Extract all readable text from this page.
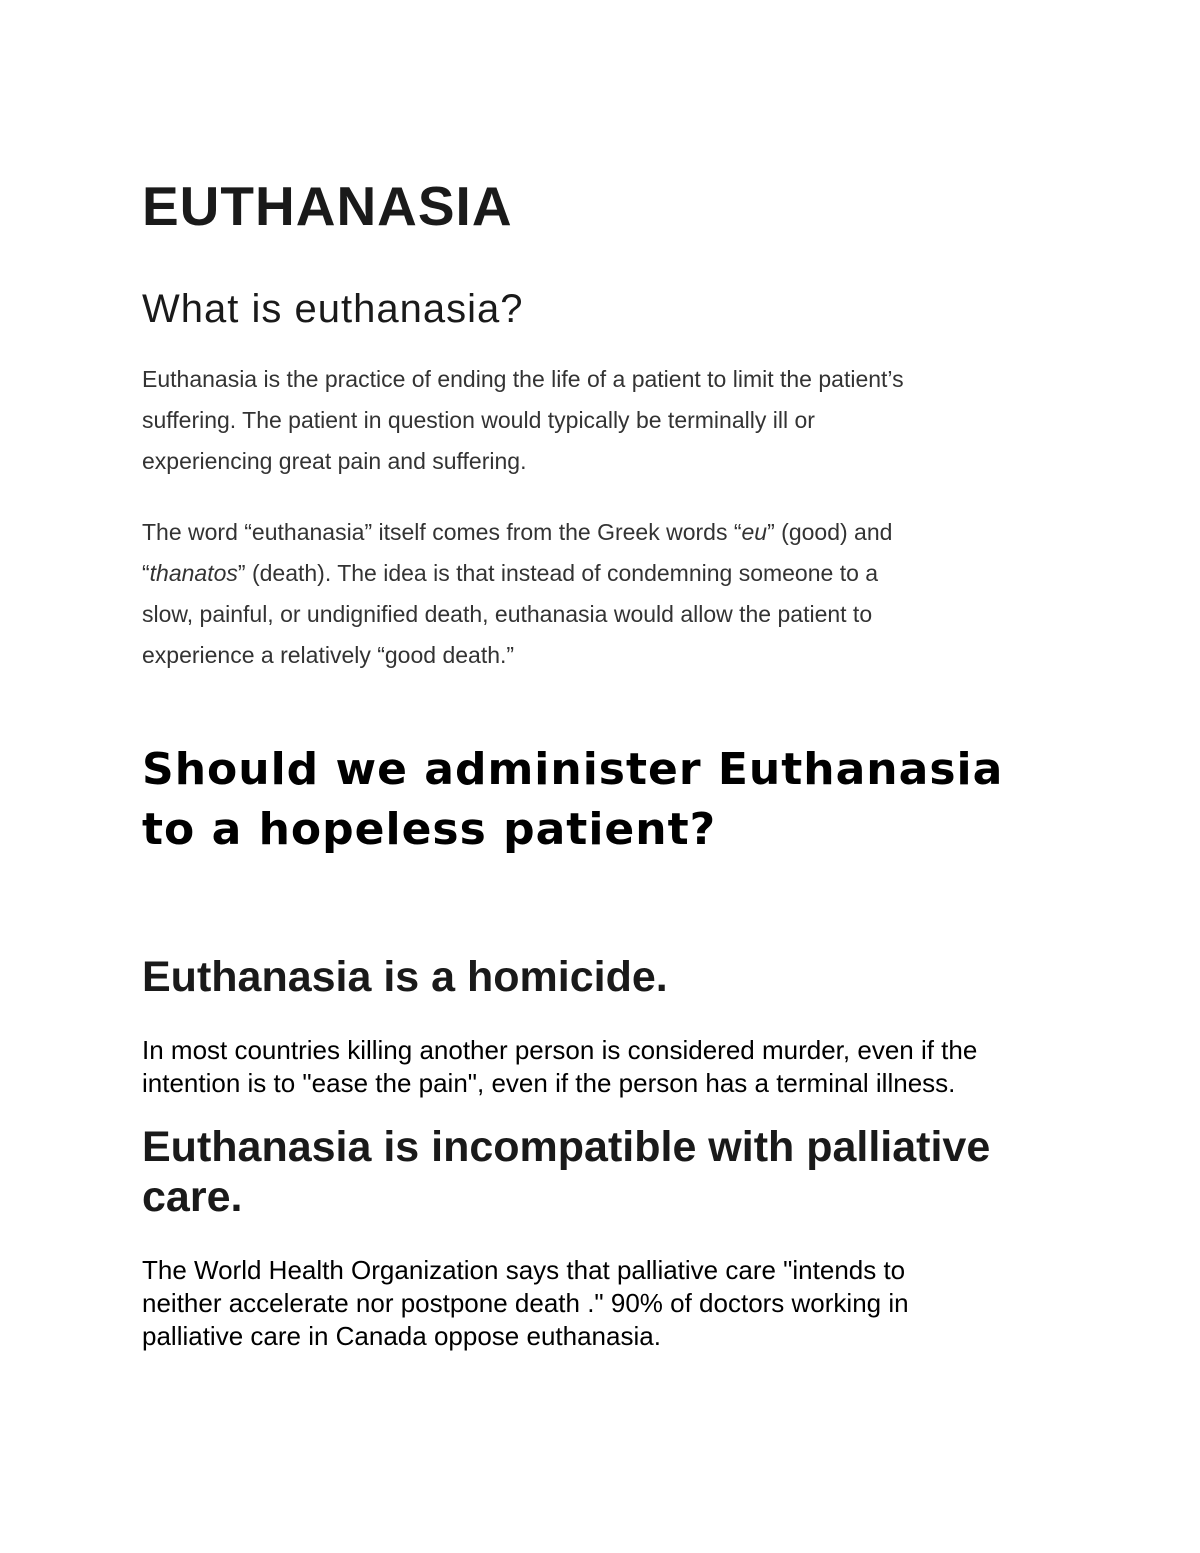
EUTHANASIA
What is euthanasia?

Euthanasia is the practice of ending the life of a patient to limit the patient’s
suffering. The patient in question would typically be terminally ill or
experiencing great pain and suffering.

The word “euthanasia” itself comes from the Greek words “eu” (good) and
“thanatos” (death). The idea is that instead of condemning someone to a
slow, painful, or undignified death, euthanasia would allow the patient to
experience a relatively “good death.”

Should we administer Euthanasia
to a hopeless patient?
Euthanasia is a homicide.

In most countries killing another person is considered murder, even if the
intention is to "ease the pain", even if the person has a terminal illness.

Euthanasia is incompatible with palliative
care.

The World Health Organization says that palliative care "intends to
neither accelerate nor postpone death ." 90% of doctors working in
palliative care in Canada oppose euthanasia.
